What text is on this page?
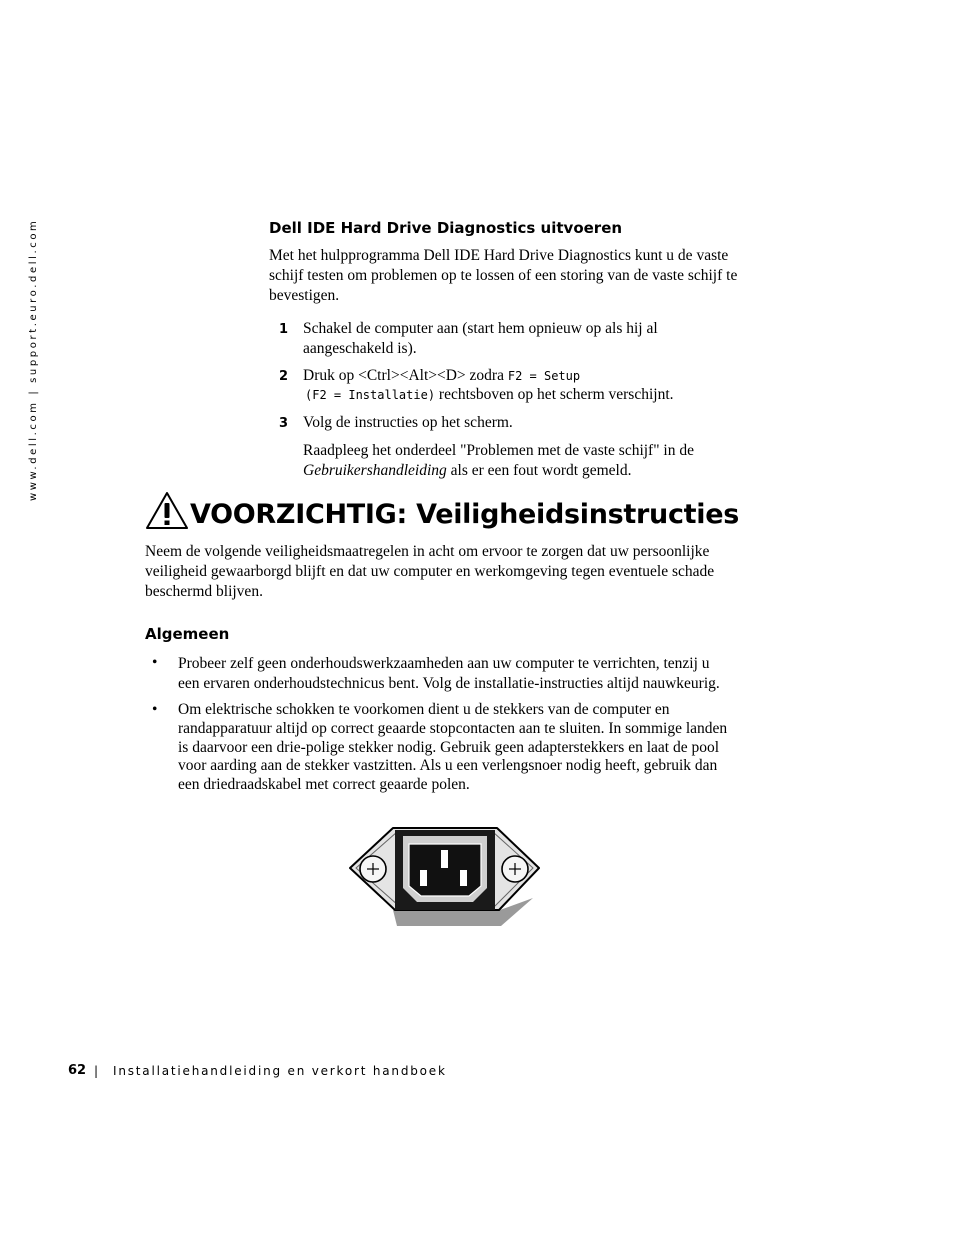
www.dell.com | support.euro.dell.com	Dell IDE Hard Drive Diagnostics uitvoeren
Met het hulpprogramma Dell IDE Hard Drive Diagnostics kunt u de vaste
schijf testen om problemen op te lossen of een storing van de vaste schijf te
bevestigen.
1 Schakel de computer aan (start hem opnieuw op als hij al
aangeschakeld is).
2 Druk op <Ctrl><Alt><D> zodra F2 = Setup
(F2 = Installatie) rechtsboven op het scherm verschijnt.
3 Volg de instructies op het scherm.
Raadpleeg het onderdeel "Problemen met de vaste schijf" in de
Gebruikershandleiding als er een fout wordt gemeld.
VOORZICHTIG: Veiligheidsinstructies
Neem de volgende veiligheidsmaatregelen in acht om ervoor te zorgen dat uw persoonlijke
veiligheid gewaarborgd blijft en dat uw computer en werkomgeving tegen eventuele schade
beschermd blijven.
Algemeen
• Probeer zelf geen onderhoudswerkzaamheden aan uw computer te verrichten, tenzij u
een ervaren onderhoudstechnicus bent. Volg de installatie-instructies altijd nauwkeurig.
• Om elektrische schokken te voorkomen dient u de stekkers van de computer en
randapparatuur altijd op correct geaarde stopcontacten aan te sluiten. In sommige landen
is daarvoor een drie-polige stekker nodig. Gebruik geen adapterstekkers en laat de pool
voor aarding aan de stekker vastzitten. Als u een verlengsnoer nodig heeft, gebruik dan
een driedraadskabel met correct geaarde polen.
62 | Installatiehandleiding en verkort handboek
